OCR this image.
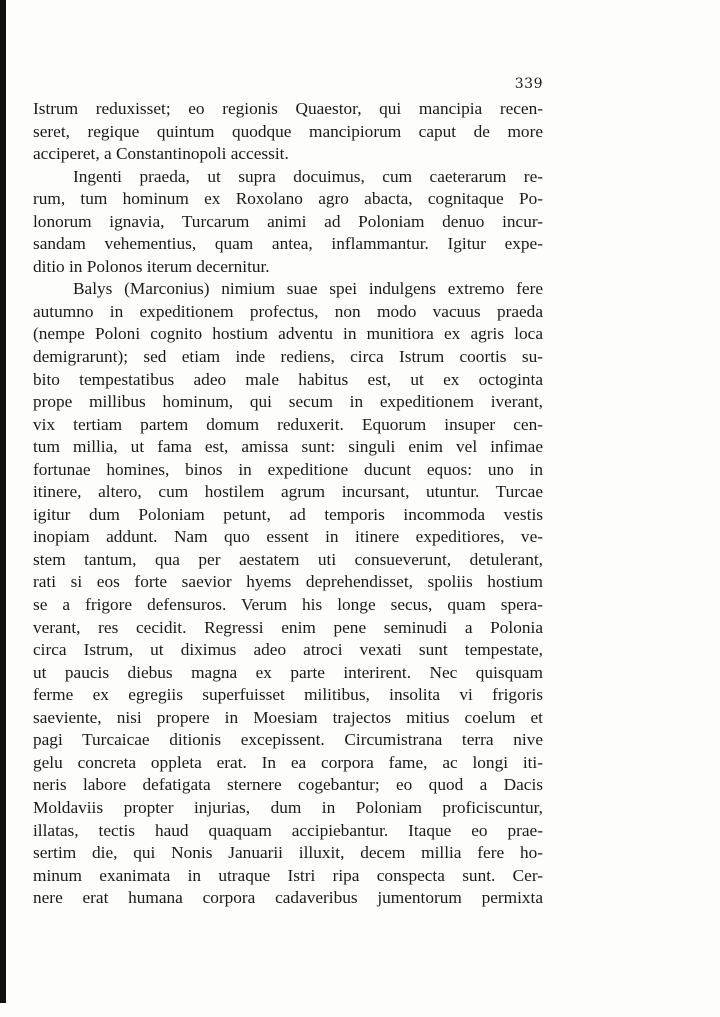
339
Istrum reduxisset; eo regionis Quaestor, qui mancipia recen-
seret, regique quintum quodque mancipiorum caput de more
acciperet, a Constantinopoli accessit.
Ingenti praeda, ut supra docuimus, cum caeterarum re-
rum, tum hominum ex Roxolano agro abacta, cognitaque Po-
lonorum ignavia, Turcarum animi ad Poloniam denuo incur-
sandam vehementius, quam antea, inflammantur. Igitur expe-
ditio in Polonos iterum decernitur.
Balys (Marconius) nimium suae spei indulgens extremo fere
autumno in expeditionem profectus, non modo vacuus praeda
(nempe Poloni cognito hostium adventu in munitiora ex agris loca
demigrarunt); sed etiam inde rediens, circa Istrum coortis su-
bito tempestatibus adeo male habitus est, ut ex octoginta
prope millibus hominum, qui secum in expeditionem iverant,
vix tertiam partem domum reduxerit. Equorum insuper cen-
tum millia, ut fama est, amissa sunt: singuli enim vel infimae
fortunae homines, binos in expeditione ducunt equos: uno in
itinere, altero, cum hostilem agrum incursant, utuntur. Turcae
igitur dum Poloniam petunt, ad temporis incommoda vestis
inopiam addunt. Nam quo essent in itinere expeditiores, ve-
stem tantum, qua per aestatem uti consueverunt, detulerant,
rati si eos forte saevior hyems deprehendisset, spoliis hostium
se a frigore defensuros. Verum his longe secus, quam spera-
verant, res cecidit. Regressi enim pene seminudi a Polonia
circa Istrum, ut diximus adeo atroci vexati sunt tempestate,
ut paucis diebus magna ex parte interirent. Nec quisquam
ferme ex egregiis superfuisset militibus, insolita vi frigoris
saeviente, nisi propere in Moesiam trajectos mitius coelum et
pagi Turcaicae ditionis excepissent. Circumistrana terra nive
gelu concreta oppleta erat. In ea corpora fame, ac longi iti-
neris labore defatigata sternere cogebantur; eo quod a Dacis
Moldaviis propter injurias, dum in Poloniam proficiscuntur,
illatas, tectis haud quaquam accipiebantur. Itaque eo prae-
sertim die, qui Nonis Januarii illuxit, decem millia fere ho-
minum exanimata in utraque Istri ripa conspecta sunt. Cer-
nere erat humana corpora cadaveribus jumentorum permixta
